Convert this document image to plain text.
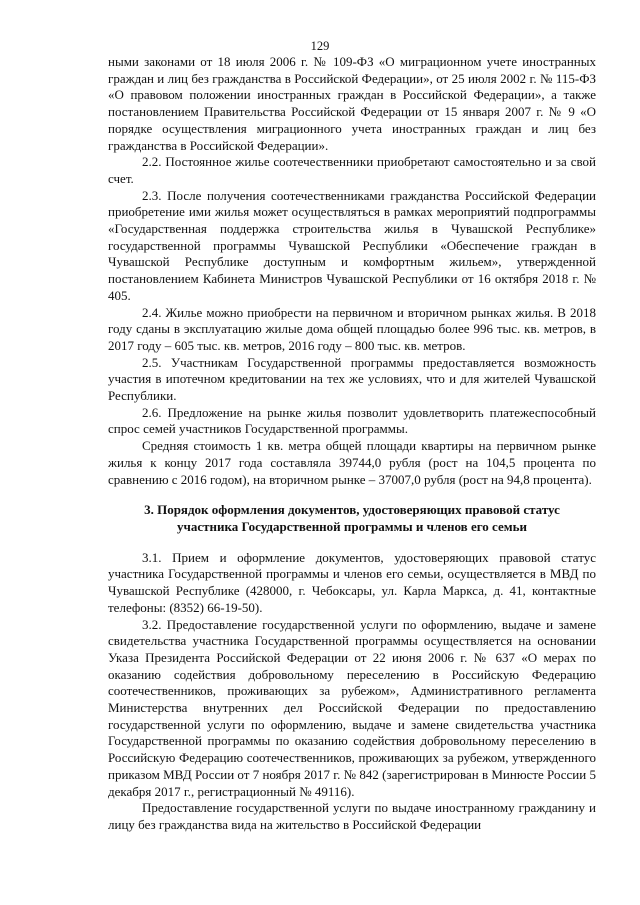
129

ными законами от 18 июля 2006 г. № 109-ФЗ «О миграционном учете иностранных граждан и лиц без гражданства в Российской Федерации», от 25 июля 2002 г. № 115-ФЗ «О правовом положении иностранных граждан в Российской Федерации», а также постановлением Правительства Российской Федерации от 15 января 2007 г. № 9 «О порядке осуществления миграционного учета иностранных граждан и лиц без гражданства в Российской Федерации».

2.2. Постоянное жилье соотечественники приобретают самостоятельно и за свой счет.

2.3. После получения соотечественниками гражданства Российской Федерации приобретение ими жилья может осуществляться в рамках мероприятий подпрограммы «Государственная поддержка строительства жилья в Чувашской Республике» государственной программы Чувашской Республики «Обеспечение граждан в Чувашской Республике доступным и комфортным жильем», утвержденной постановлением Кабинета Министров Чувашской Республики от 16 октября 2018 г. № 405.

2.4. Жилье можно приобрести на первичном и вторичном рынках жилья. В 2018 году сданы в эксплуатацию жилые дома общей площадью более 996 тыс. кв. метров, в 2017 году – 605 тыс. кв. метров, 2016 году – 800 тыс. кв. метров.

2.5. Участникам Государственной программы предоставляется возможность участия в ипотечном кредитовании на тех же условиях, что и для жителей Чувашской Республики.

2.6. Предложение на рынке жилья позволит удовлетворить платежеспособный спрос семей участников Государственной программы.

Средняя стоимость 1 кв. метра общей площади квартиры на первичном рынке жилья к концу 2017 года составляла 39744,0 рубля (рост на 104,5 процента по сравнению с 2016 годом), на вторичном рынке – 37007,0 рубля (рост на 94,8 процента).

3. Порядок оформления документов, удостоверяющих правовой статус
участника Государственной программы и членов его семьи

3.1. Прием и оформление документов, удостоверяющих правовой статус участника Государственной программы и членов его семьи, осуществляется в МВД по Чувашской Республике (428000, г. Чебоксары, ул. Карла Маркса, д. 41, контактные телефоны: (8352) 66-19-50).

3.2. Предоставление государственной услуги по оформлению, выдаче и замене свидетельства участника Государственной программы осуществляется на основании Указа Президента Российской Федерации от 22 июня 2006 г. № 637 «О мерах по оказанию содействия добровольному переселению в Российскую Федерацию соотечественников, проживающих за рубежом», Административного регламента Министерства внутренних дел Российской Федерации по предоставлению государственной услуги по оформлению, выдаче и замене свидетельства участника Государственной программы по оказанию содействия добровольному переселению в Российскую Федерацию соотечественников, проживающих за рубежом, утвержденного приказом МВД России от 7 ноября 2017 г. № 842 (зарегистрирован в Минюсте России 5 декабря 2017 г., регистрационный № 49116).

Предоставление государственной услуги по выдаче иностранному гражданину и лицу без гражданства вида на жительство в Российской Федерации
